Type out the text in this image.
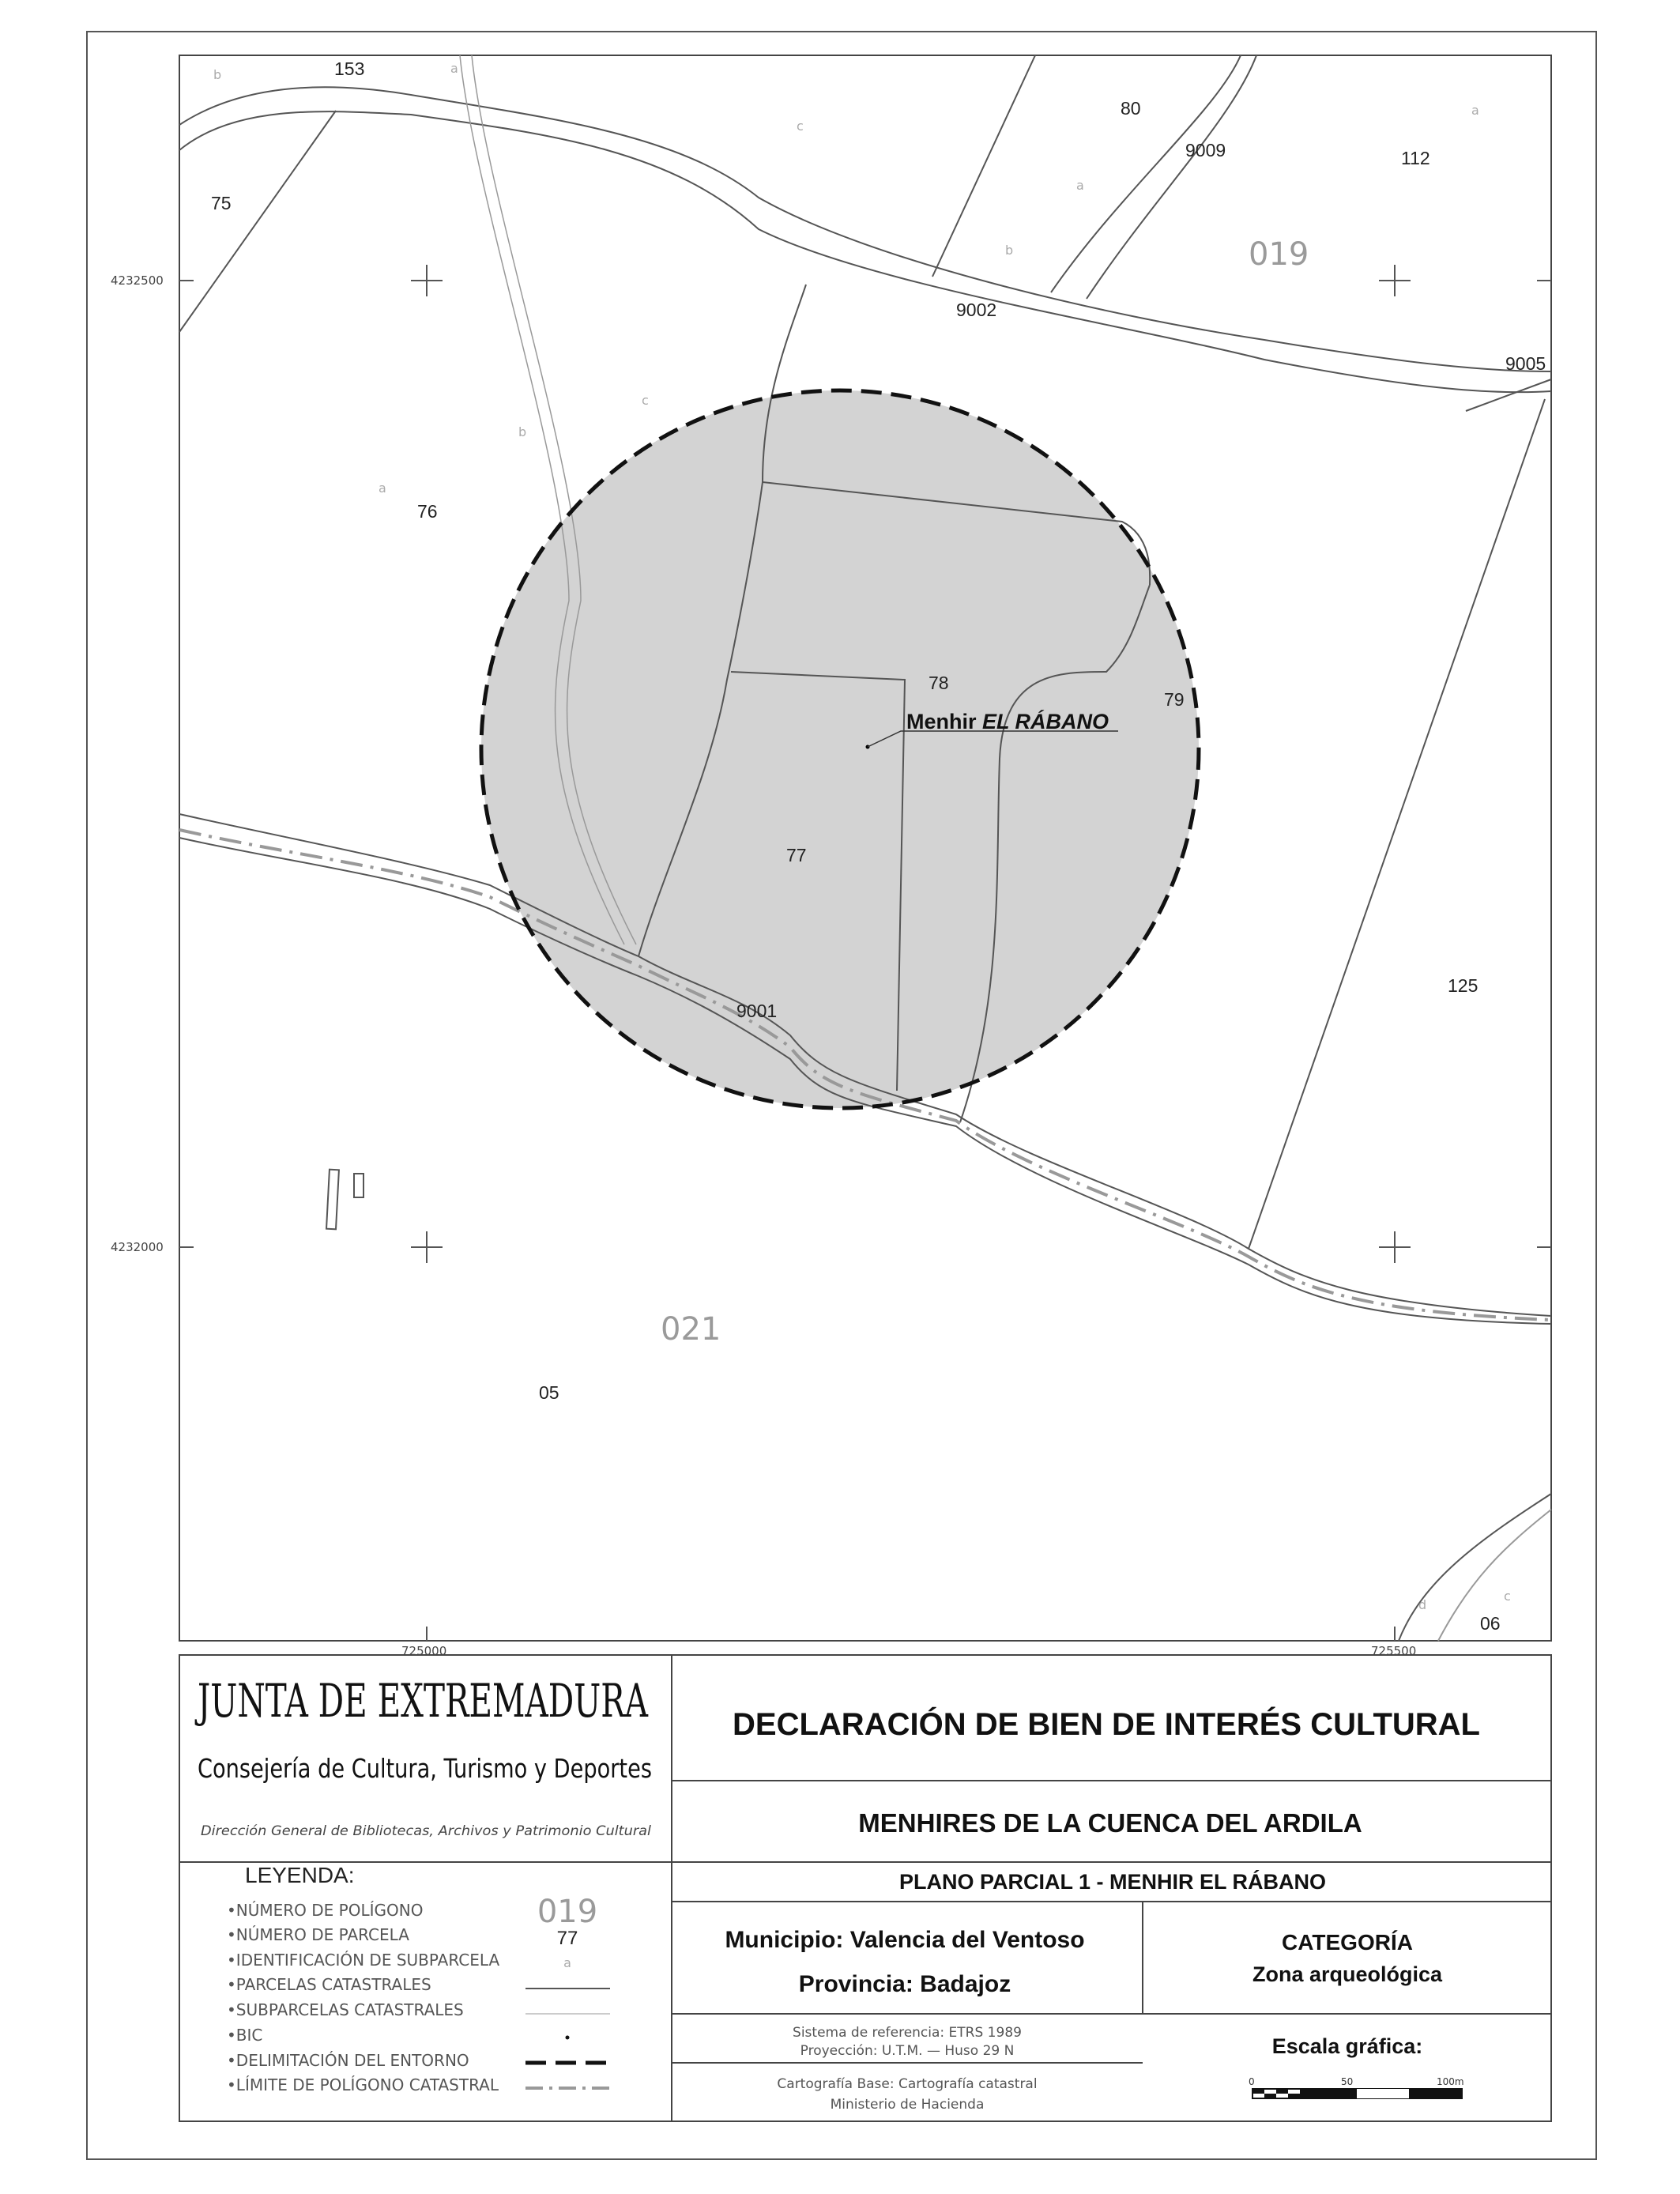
4232500
4232000
725000	725500
019
021
153
80
9009	112
75
9002
9005
76
78
79
77
125
9001
05
06
b	a
c
a
b
a
c
b
a
d
c
Menhir EL RÁBANO
JUNTA DE EXTREMADURA
Consejería de Cultura, Turismo y Deportes
Dirección General de Bibliotecas, Archivos y Patrimonio Cultural
DECLARACIÓN DE BIEN DE INTERÉS CULTURAL
MENHIRES DE LA CUENCA DEL ARDILA
PLANO PARCIAL 1 - MENHIR EL RÁBANO
Municipio: Valencia del Ventoso
Provincia: Badajoz
CATEGORÍA
Zona arqueológica
Sistema de referencia: ETRS 1989
Proyección: U.T.M. — Huso 29 N
Cartografía Base: Cartografía catastral
Ministerio de Hacienda
Escala gráfica:
0	50	100m
LEYENDA:
•NÚMERO DE POLÍGONO
•NÚMERO DE PARCELA
•IDENTIFICACIÓN DE SUBPARCELA
•PARCELAS CATASTRALES
•SUBPARCELAS CATASTRALES
•BIC
•DELIMITACIÓN DEL ENTORNO
•LÍMITE DE POLÍGONO CATASTRAL
019
77
a
